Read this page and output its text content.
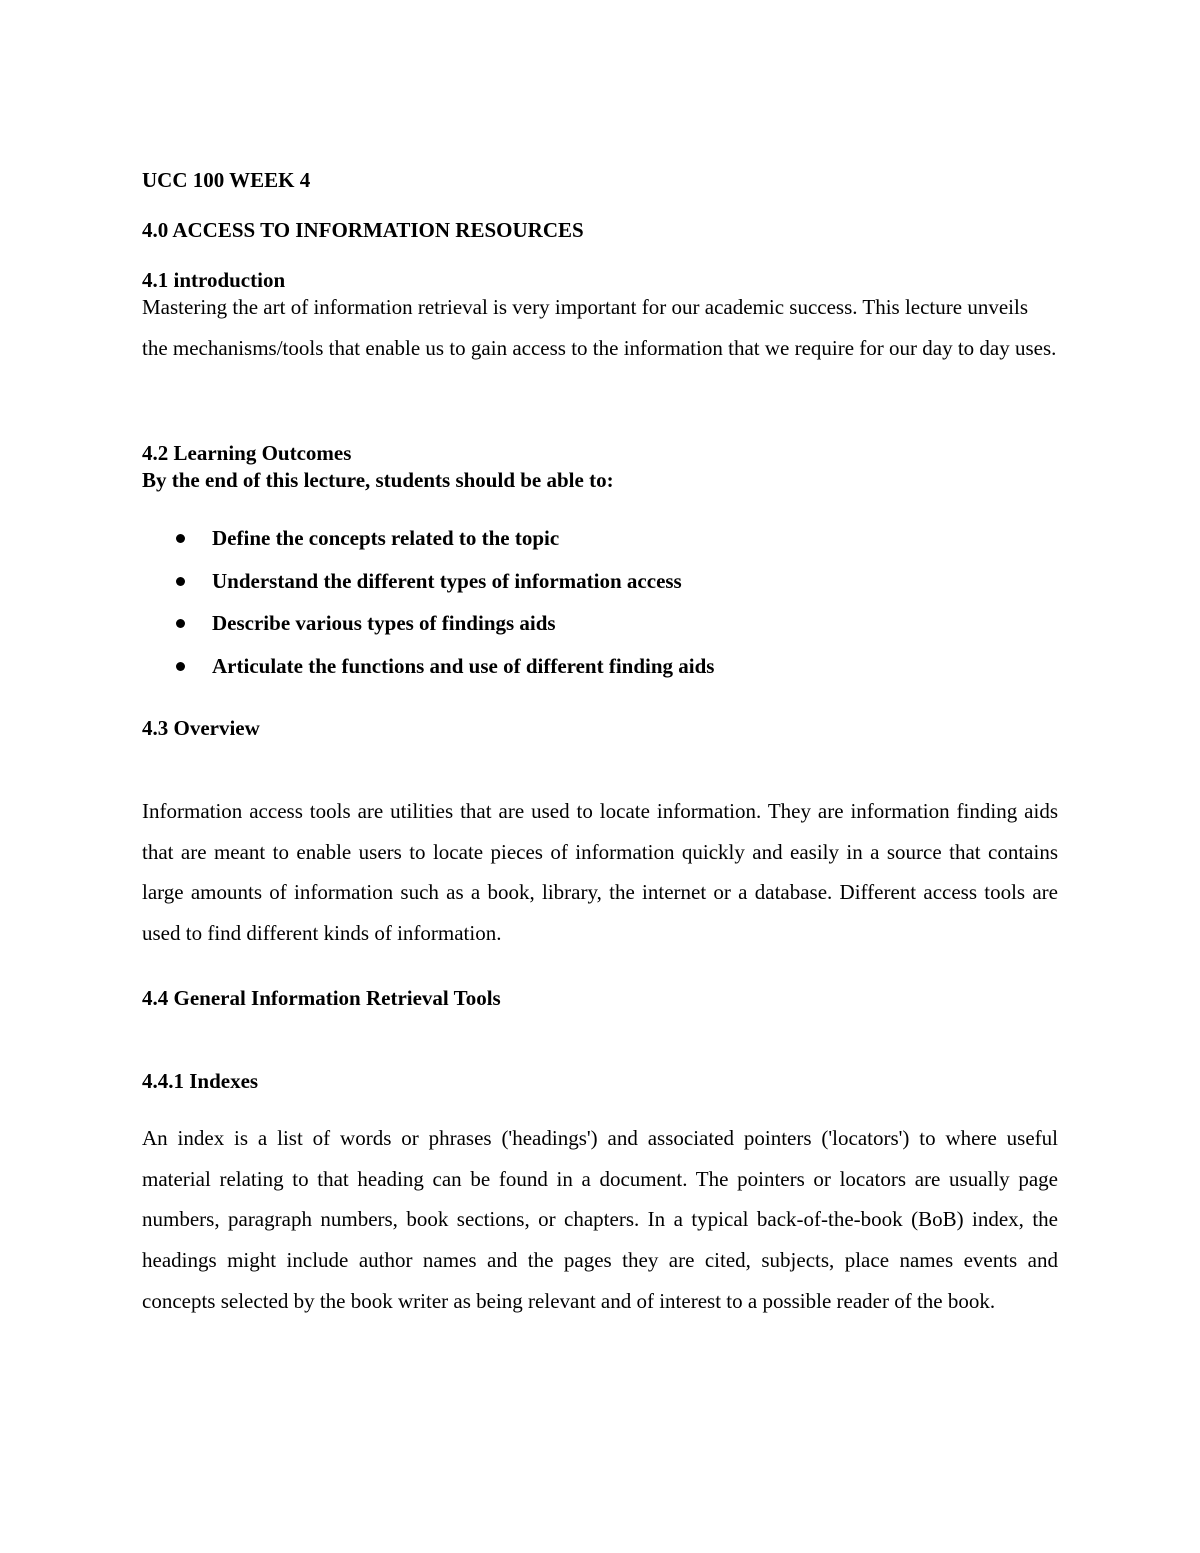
UCC 100 WEEK 4
4.0 ACCESS TO INFORMATION RESOURCES
4.1 introduction
Mastering the art of information retrieval is very important for our academic success. This lecture unveils the mechanisms/tools that enable us to gain access to the information that we require for our day to day uses.
4.2 Learning Outcomes
By the end of this lecture, students should be able to:
Define the concepts related to the topic
Understand the different types of information access
Describe various types of findings aids
Articulate the functions and use of different finding aids
4.3 Overview
Information access tools are utilities that are used to locate information. They are information finding aids that are meant to enable users to locate pieces of information quickly and easily in a source that contains large amounts of information such as a book, library, the internet or a database. Different access tools are used to find different kinds of information.
4.4 General Information Retrieval Tools
4.4.1 Indexes
An index is a list of words or phrases ('headings') and associated pointers ('locators') to where useful material relating to that heading can be found in a document. The pointers or locators are usually page numbers, paragraph numbers, book sections, or chapters. In a typical back-of-the-book (BoB) index, the headings might include author names and the pages they are cited, subjects, place names events and concepts selected by the book writer as being relevant and of interest to a possible reader of the book.
